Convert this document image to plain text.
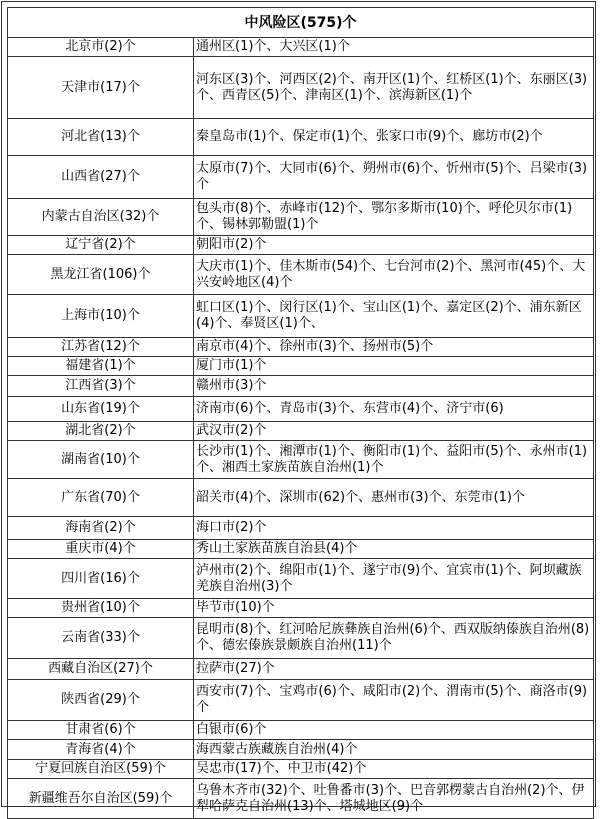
中风险区(575)个	
北京市(2)个	通州区(1)个、大兴区(1)个
天津市(17)个	河东区(3)个、河西区(2)个、南开区(1)个、红桥区(1)个、东丽区(3)个、西青区(5)个、津南区(1)个、滨海新区(1)个
河北省(13)个	秦皇岛市(1)个、保定市(1)个、张家口市(9)个、廊坊市(2)个
山西省(27)个	太原市(7)个、大同市(6)个、朔州市(6)个、忻州市(5)个、吕梁市(3)个
内蒙古自治区(32)个	包头市(8)个、赤峰市(12)个、鄂尔多斯市(10)个、呼伦贝尔市(1)个、锡林郭勒盟(1)个
辽宁省(2)个	朝阳市(2)个
黑龙江省(106)个	大庆市(1)个、佳木斯市(54)个、七台河市(2)个、黑河市(45)个、大兴安岭地区(4)个
上海市(10)个	虹口区(1)个、闵行区(1)个、宝山区(1)个、嘉定区(2)个、浦东新区(4)个、奉贤区(1)个、
江苏省(12)个	南京市(4)个、徐州市(3)个、扬州市(5)个
福建省(1)个	厦门市(1)个
江西省(3)个	赣州市(3)个
山东省(19)个	济南市(6)个、青岛市(3)个、东营市(4)个、济宁市(6)
湖北省(2)个	武汉市(2)个
湖南省(10)个	长沙市(1)个、湘潭市(1)个、衡阳市(1)个、益阳市(5)个、永州市(1)个、湘西土家族苗族自治州(1)个
广东省(70)个	韶关市(4)个、深圳市(62)个、惠州市(3)个、东莞市(1)个
海南省(2)个	海口市(2)个
重庆市(4)个	秀山土家族苗族自治县(4)个
四川省(16)个	泸州市(2)个、绵阳市(1)个、遂宁市(9)个、宜宾市(1)个、阿坝藏族羌族自治州(3)个
贵州省(10)个	毕节市(10)个
云南省(33)个	昆明市(8)个、红河哈尼族彝族自治州(6)个、西双版纳傣族自治州(8)个、德宏傣族景颇族自治州(11)个
西藏自治区(27)个	拉萨市(27)个
陕西省(29)个	西安市(7)个、宝鸡市(6)个、咸阳市(2)个、渭南市(5)个、商洛市(9)个
甘肃省(6)个	白银市(6)个
青海省(4)个	海西蒙古族藏族自治州(4)个
宁夏回族自治区(59)个	吴忠市(17)个、中卫市(42)个
新疆维吾尔自治区(59)个	乌鲁木齐市(32)个、吐鲁番市(3)个、巴音郭楞蒙古自治州(2)个、伊犁哈萨克自治州(13)个、塔城地区(9)个
